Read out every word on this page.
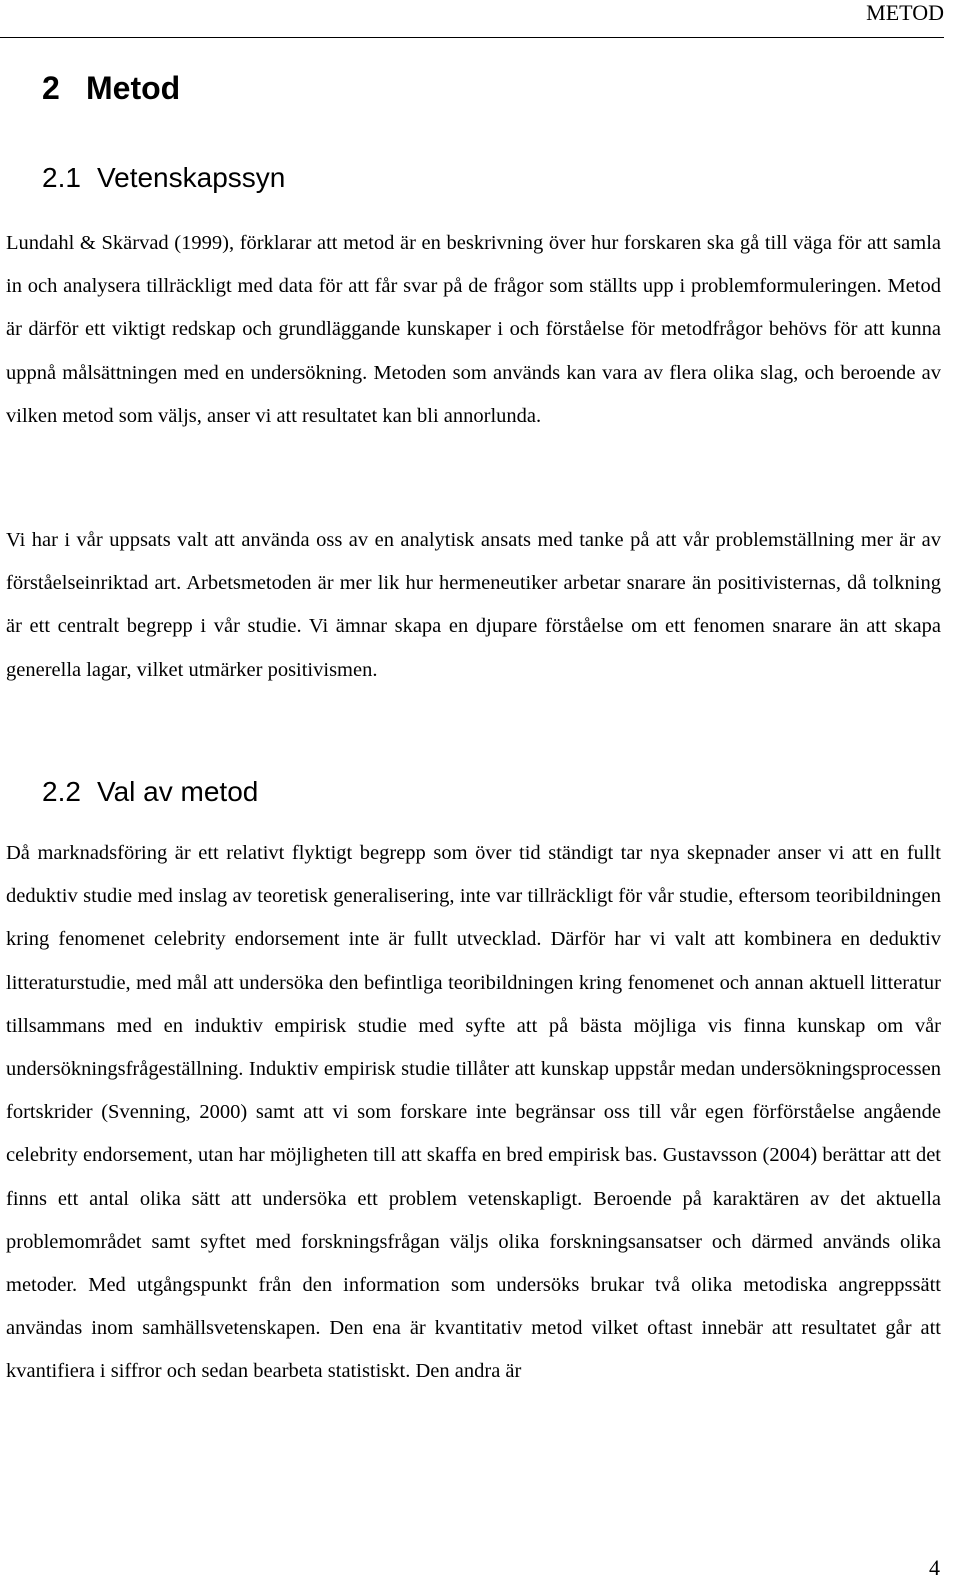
METOD
2 Metod
2.1 Vetenskapssyn

Lundahl & Skärvad (1999), förklarar att metod är en beskrivning över hur forskaren ska gå till väga för att samla in och analysera tillräckligt med data för att får svar på de frågor som ställts upp i problemformuleringen. Metod är därför ett viktigt redskap och grundläggande kunskaper i och förståelse för metodfrågor behövs för att kunna uppnå målsättningen med en undersökning. Metoden som används kan vara av flera olika slag, och beroende av vilken metod som väljs, anser vi att resultatet kan bli annorlunda.

Vi har i vår uppsats valt att använda oss av en analytisk ansats med tanke på att vår problemställning mer är av förståelseinriktad art. Arbetsmetoden är mer lik hur hermeneutiker arbetar snarare än positivisternas, då tolkning är ett centralt begrepp i vår studie. Vi ämnar skapa en djupare förståelse om ett fenomen snarare än att skapa generella lagar, vilket utmärker positivismen.

2.2 Val av metod

Då marknadsföring är ett relativt flyktigt begrepp som över tid ständigt tar nya skepnader anser vi att en fullt deduktiv studie med inslag av teoretisk generalisering, inte var tillräckligt för vår studie, eftersom teoribildningen kring fenomenet celebrity endorsement inte är fullt utvecklad. Därför har vi valt att kombinera en deduktiv litteraturstudie, med mål att undersöka den befintliga teoribildningen kring fenomenet och annan aktuell litteratur tillsammans med en induktiv empirisk studie med syfte att på bästa möjliga vis finna kunskap om vår undersökningsfrågeställning. Induktiv empirisk studie tillåter att kunskap uppstår medan undersökningsprocessen fortskrider (Svenning, 2000) samt att vi som forskare inte begränsar oss till vår egen förförståelse angående celebrity endorsement, utan har möjligheten till att skaffa en bred empirisk bas. Gustavsson (2004) berättar att det finns ett antal olika sätt att undersöka ett problem vetenskapligt. Beroende på karaktären av det aktuella problemområdet samt syftet med forskningsfrågan väljs olika forskningsansatser och därmed används olika metoder. Med utgångspunkt från den information som undersöks brukar två olika metodiska angreppssätt användas inom samhällsvetenskapen. Den ena är kvantitativ metod vilket oftast innebär att resultatet går att kvantifiera i siffror och sedan bearbeta statistiskt. Den andra är

4
